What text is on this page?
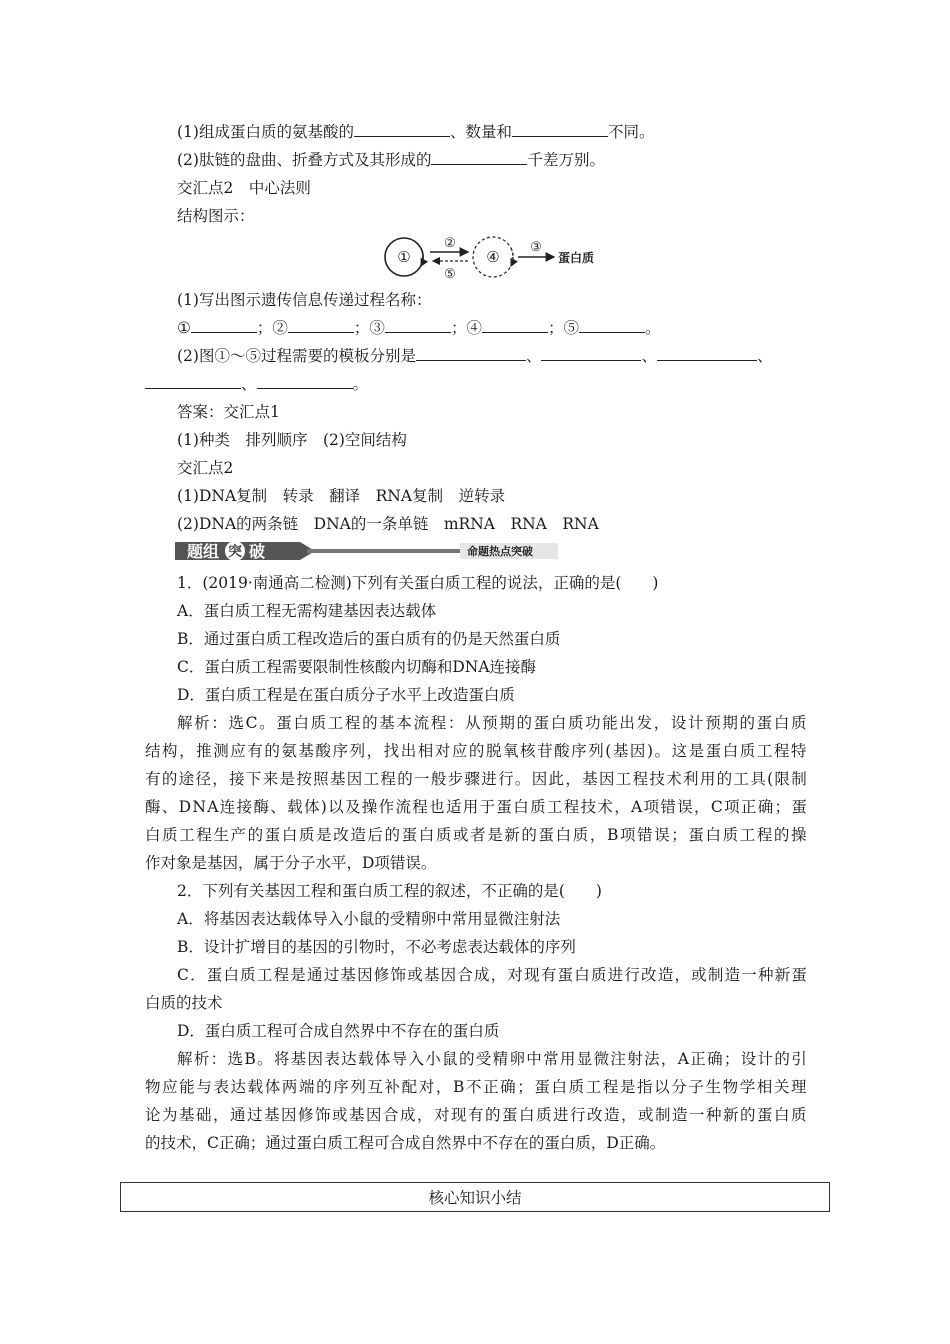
(1)组成蛋白质的氨基酸的	、数量和	不同。
(2)肽链的盘曲、折叠方式及其形成的	千差万别。
交汇点2　中心法则
结构图示：
①
②
⑤
④
③
蛋白质
(1)写出图示遗传信息传递过程名称：
①	；②	；③	；④	；⑤	。
(2)图①～⑤过程需要的模板分别是	、	、	、
、	。
答案：交汇点1
(1)种类　排列顺序　(2)空间结构
交汇点2
(1)DNA复制　转录　翻译　RNA复制　逆转录
(2)DNA的两条链　DNA的一条单链　mRNA　RNA　RNA
题组 突 破	命题热点突破
1．(2019·南通高二检测)下列有关蛋白质工程的说法，正确的是(　　)
A．蛋白质工程无需构建基因表达载体
B．通过蛋白质工程改造后的蛋白质有的仍是天然蛋白质
C．蛋白质工程需要限制性核酸内切酶和DNA连接酶
D．蛋白质工程是在蛋白质分子水平上改造蛋白质
解 析 ： 选 C 。 蛋 白 质 工 程 的 基 本 流 程 ： 从 预 期 的 蛋 白 质 功 能 出 发 ， 设 计 预 期 的 蛋 白 质
结 构 ， 推 测 应 有 的 氨 基 酸 序 列 ， 找 出 相 对 应 的 脱 氧 核 苷 酸 序 列 ( 基 因 ) 。 这 是 蛋 白 质 工 程 特
有 的 途 径 ， 接 下 来 是 按 照 基 因 工 程 的 一 般 步 骤 进 行 。 因 此 ， 基 因 工 程 技 术 利 用 的 工 具 ( 限 制
酶 、 D N A 连 接 酶 、 载 体 ) 以 及 操 作 流 程 也 适 用 于 蛋 白 质 工 程 技 术 ， A 项 错 误 ， C 项 正 确 ； 蛋
白 质 工 程 生 产 的 蛋 白 质 是 改 造 后 的 蛋 白 质 或 者 是 新 的 蛋 白 质 ， B 项 错 误 ； 蛋 白 质 工 程 的 操
作对象是基因，属于分子水平，D项错误。
2．下列有关基因工程和蛋白质工程的叙述，不正确的是(　　)
A．将基因表达载体导入小鼠的受精卵中常用显微注射法
B．设计扩增目的基因的引物时，不必考虑表达载体的序列
C ． 蛋 白 质 工 程 是 通 过 基 因 修 饰 或 基 因 合 成 ， 对 现 有 蛋 白 质 进 行 改 造 ， 或 制 造 一 种 新 蛋
白质的技术
D．蛋白质工程可合成自然界中不存在的蛋白质
解 析 ： 选 B 。 将 基 因 表 达 载 体 导 入 小 鼠 的 受 精 卵 中 常 用 显 微 注 射 法 ， A 正 确 ； 设 计 的 引
物 应 能 与 表 达 载 体 两 端 的 序 列 互 补 配 对 ， B 不 正 确 ； 蛋 白 质 工 程 是 指 以 分 子 生 物 学 相 关 理
论 为 基 础 ， 通 过 基 因 修 饰 或 基 因 合 成 ， 对 现 有 的 蛋 白 质 进 行 改 造 ， 或 制 造 一 种 新 的 蛋 白 质
的技术，C正确；通过蛋白质工程可合成自然界中不存在的蛋白质，D正确。
核心知识小结
